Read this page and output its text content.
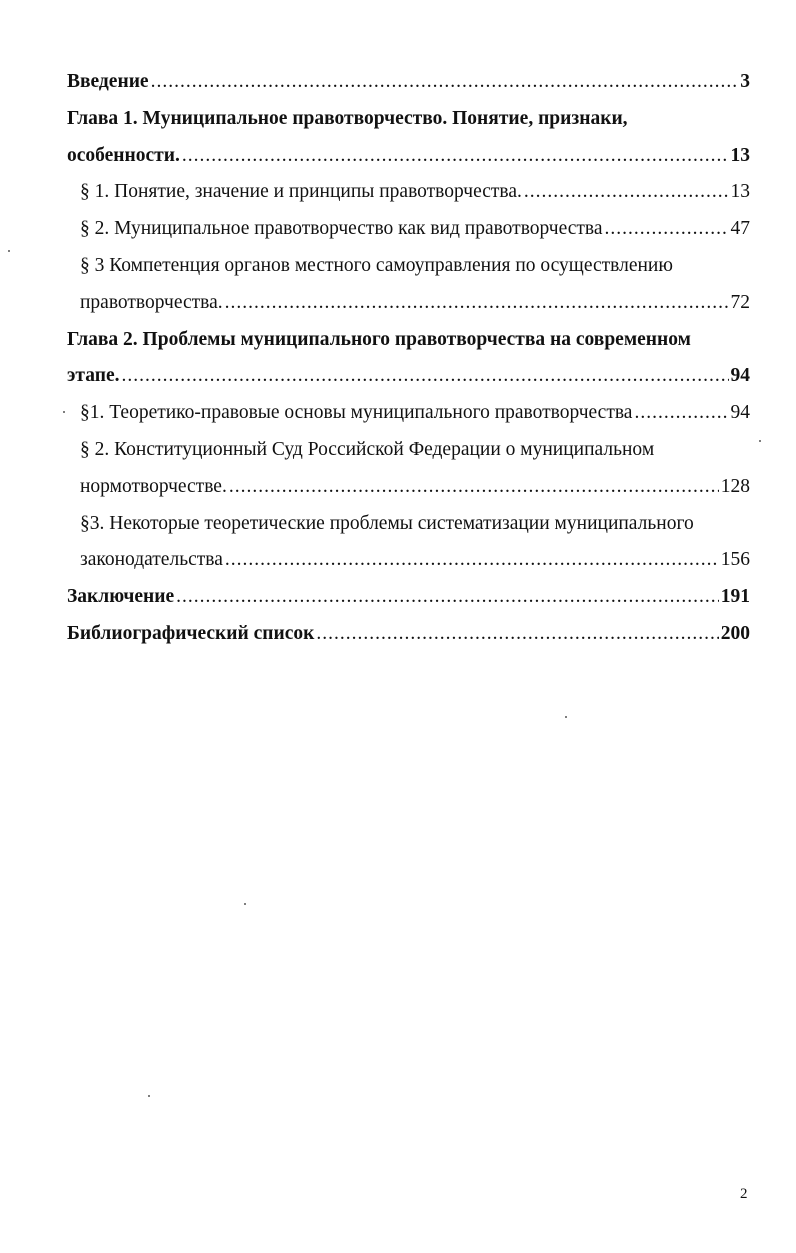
Введение .....	3
Глава 1. Муниципальное правотворчество. Понятие, признаки,
особенности. .....	13
§ 1. Понятие, значение и принципы правотворчества. .....	13
§ 2. Муниципальное правотворчество как вид правотворчества .....	47
§ 3 Компетенция органов местного самоуправления по осуществлению
правотворчества. .....	72
Глава 2. Проблемы муниципального правотворчества на современном
этапе. .....	94
§1. Теоретико-правовые основы муниципального правотворчества .....	94
§ 2. Конституционный Суд Российской Федерации о муниципальном
нормотворчестве. .....	128
§3. Некоторые теоретические проблемы систематизации муниципального
законодательства .....	156
Заключение .....	191
Библиографический список .....	200
2
